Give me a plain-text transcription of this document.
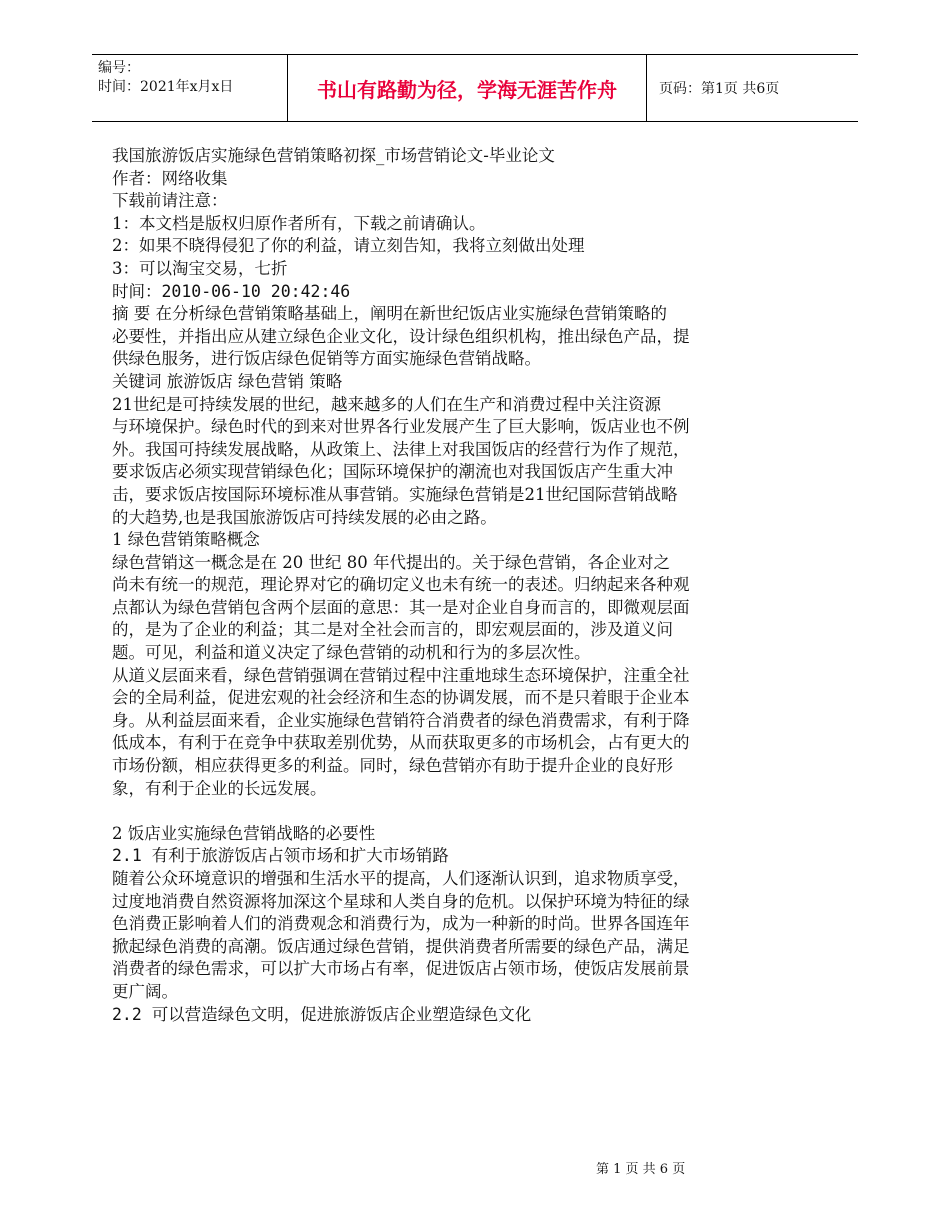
编号：
时间：2021年x月x日	书山有路勤为径，学海无涯苦作舟	页码：第1页 共6页

我国旅游饭店实施绿色营销策略初探_市场营销论文-毕业论文

作者：网络收集

下载前请注意：

1：本文档是版权归原作者所有，下载之前请确认。

2：如果不晓得侵犯了你的利益，请立刻告知，我将立刻做出处理

3：可以淘宝交易，七折

时间：2010-06-10 20:42:46

摘 要 在分析绿色营销策略基础上，阐明在新世纪饭店业实施绿色营销策略的

必要性，并指出应从建立绿色企业文化，设计绿色组织机构，推出绿色产品，提

供绿色服务，进行饭店绿色促销等方面实施绿色营销战略。

关键词 旅游饭店 绿色营销 策略

21世纪是可持续发展的世纪，越来越多的人们在生产和消费过程中关注资源

与环境保护。绿色时代的到来对世界各行业发展产生了巨大影响，饭店业也不例

外。我国可持续发展战略，从政策上、法律上对我国饭店的经营行为作了规范，

要求饭店必须实现营销绿色化；国际环境保护的潮流也对我国饭店产生重大冲

击，要求饭店按国际环境标准从事营销。实施绿色营销是21世纪国际营销战略

的大趋势,也是我国旅游饭店可持续发展的必由之路。

1 绿色营销策略概念

绿色营销这一概念是在 20 世纪 80 年代提出的。关于绿色营销，各企业对之

尚未有统一的规范，理论界对它的确切定义也未有统一的表述。归纳起来各种观

点都认为绿色营销包含两个层面的意思：其一是对企业自身而言的，即微观层面

的，是为了企业的利益；其二是对全社会而言的，即宏观层面的，涉及道义问

题。可见，利益和道义决定了绿色营销的动机和行为的多层次性。

从道义层面来看，绿色营销强调在营销过程中注重地球生态环境保护，注重全社

会的全局利益，促进宏观的社会经济和生态的协调发展，而不是只着眼于企业本

身。从利益层面来看，企业实施绿色营销符合消费者的绿色消费需求，有利于降

低成本，有利于在竞争中获取差别优势，从而获取更多的市场机会，占有更大的

市场份额，相应获得更多的利益。同时，绿色营销亦有助于提升企业的良好形

象，有利于企业的长远发展。

2 饭店业实施绿色营销战略的必要性

2.1 有利于旅游饭店占领市场和扩大市场销路

随着公众环境意识的增强和生活水平的提高，人们逐渐认识到，追求物质享受，

过度地消费自然资源将加深这个星球和人类自身的危机。以保护环境为特征的绿

色消费正影响着人们的消费观念和消费行为，成为一种新的时尚。世界各国连年

掀起绿色消费的高潮。饭店通过绿色营销，提供消费者所需要的绿色产品，满足

消费者的绿色需求，可以扩大市场占有率，促进饭店占领市场，使饭店发展前景

更广阔。

2.2 可以营造绿色文明，促进旅游饭店企业塑造绿色文化

第 1 页 共 6 页
